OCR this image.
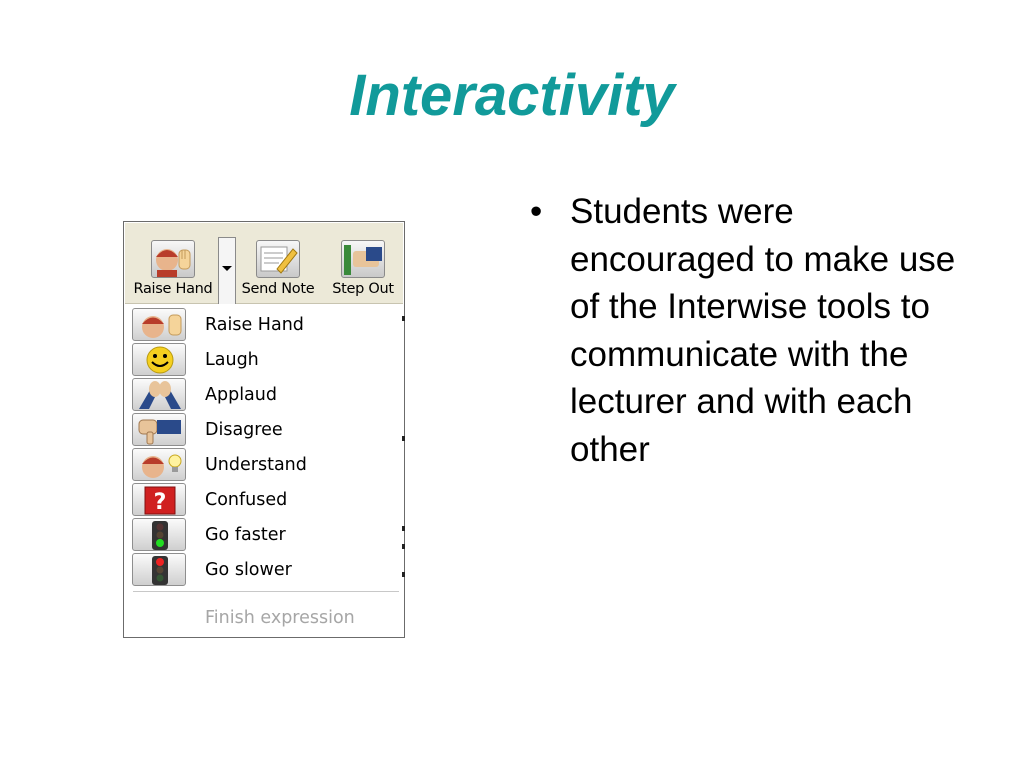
Interactivity
• Students were encouraged to make use of the Interwise tools to communicate with the lecturer and with each other
Raise Hand	Send Note	Step Out
Raise Hand
Laugh
Applaud
Disagree
Understand
? Confused
Go faster
Go slower
Finish expression
